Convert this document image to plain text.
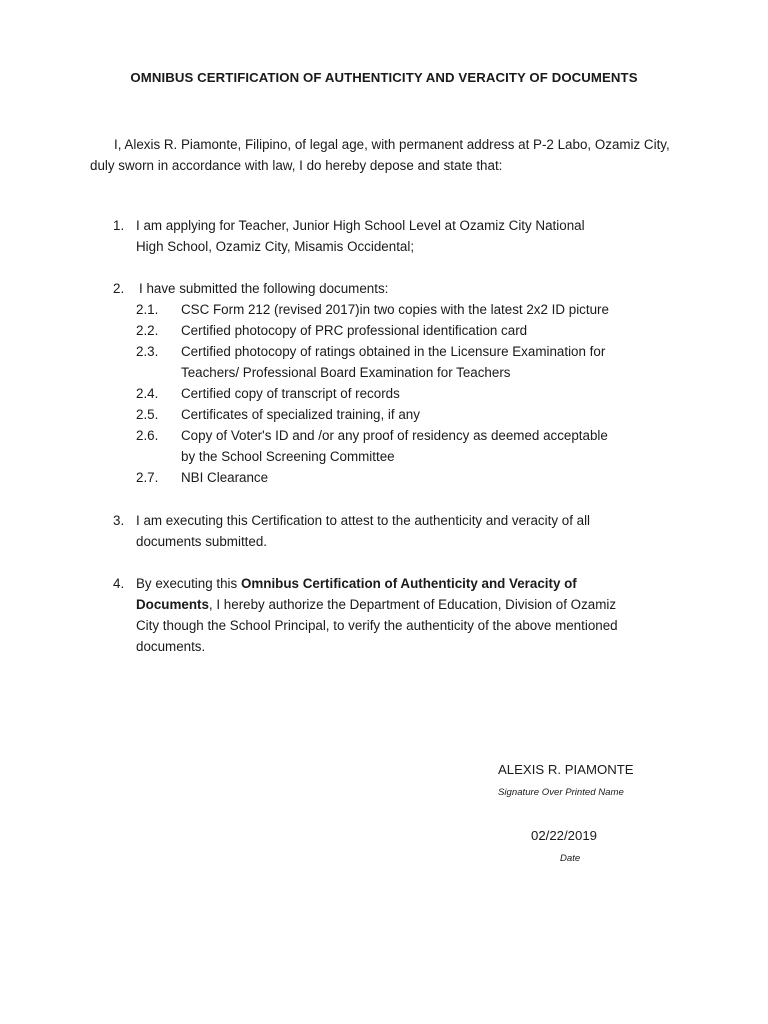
OMNIBUS CERTIFICATION OF AUTHENTICITY AND VERACITY OF DOCUMENTS
I, Alexis R. Piamonte, Filipino, of legal age, with permanent address at P-2 Labo, Ozamiz City, duly sworn in accordance with law, I do hereby depose and state that:
1. I am applying for Teacher, Junior High School Level at Ozamiz City National
High School, Ozamiz City, Misamis Occidental;
2.	I have submitted the following documents:
2.1. CSC Form 212 (revised 2017)in two copies with the latest 2x2 ID picture
2.2. Certified photocopy of PRC professional identification card
2.3. Certified photocopy of ratings obtained in the Licensure Examination for
Teachers/ Professional Board Examination for Teachers
2.4. Certified copy of transcript of records
2.5. Certificates of specialized training, if any
2.6. Copy of Voter's ID and /or any proof of residency as deemed acceptable
by the School Screening Committee
2.7. NBI Clearance
3. I am executing this Certification to attest to the authenticity and veracity of all
documents submitted.
4. By executing this Omnibus Certification of Authenticity and Veracity of
Documents, I hereby authorize the Department of Education, Division of Ozamiz
City though the School Principal, to verify the authenticity of the above mentioned
documents.
ALEXIS R. PIAMONTE
Signature Over Printed Name
02/22/2019
Date
